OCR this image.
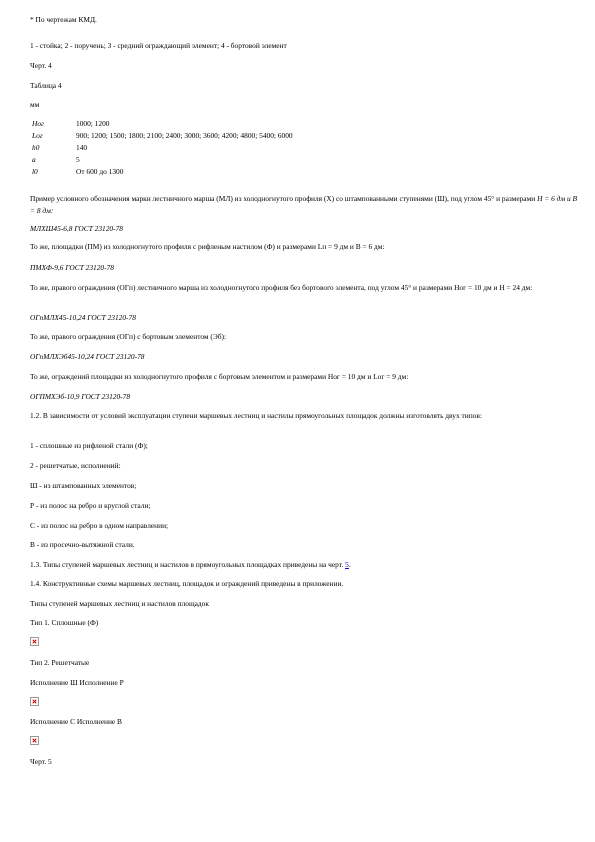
* По чертежам КМД.
1 - стойка; 2 - поручень; 3 - средний ограждающий элемент; 4 - бортовой элемент
Черт. 4
Таблица 4
мм
Hог	1000; 1200
Lог	900; 1200; 1500; 1800; 2100; 2400; 3000; 3600; 4200; 4800; 5400; 6000
h0	140
a	5
l0	От 600 до 1300
Пример условного обозначения марки лестничного марша (МЛ) из холодногнутого профиля (Х) со штампованными ступенями (Ш), под углом 45° и размерами Н = 6 дм и В = 8 дм:
МЛХШ45-6,8 ГОСТ 23120-78
То же, площадки (ПМ) из холодногнутого профиля с рифленым настилом (Ф) и размерами Lп = 9 дм и В = 6 дм:
ПМХФ-9,6 ГОСТ 23120-78
То же, правого ограждения (ОГп) лестничного марша из холодногнутого профиля без бортового элемента, под углом 45° и размерами Hог = 10 дм и Н = 24 дм:
ОГпМЛХ45-10,24 ГОСТ 23120-78
То же, правого ограждения (ОГп) с бортовым элементом (Эб):
ОГпМЛХЭб45-10,24 ГОСТ 23120-78
То же, ограждений площадки из холодногнутого профиля с бортовым элементом и размерами Нoг = 10 дм и Lог = 9 дм:
ОГПМХЭб-10,9 ГОСТ 23120-78
1.2. В зависимости от условий эксплуатации ступени маршевых лестниц и настилы прямоугольных площадок должны изготовлять двух типов:
1 - сплошные из рифленой стали (Ф);
2 - решетчатые, исполнений:
Ш - из штампованных элементов;
Р - из полос на ребро и круглой стали;
С - из полос на ребро в одном направлении;
В - из просечно-вытяжной стали.
1.3. Типы ступеней маршевых лестниц и настилов в прямоугольных площадках приведены на черт. 5.
1.4. Конструктивные схемы маршевых лестниц, площадок и ограждений приведены в приложении.
Типы ступеней маршевых лестниц и настилов площадок
Тип 1. Сплошные (Ф)
Тип 2. Решетчатые
Исполнение Ш Исполнение Р
Исполнение С Исполнение В
Черт. 5
